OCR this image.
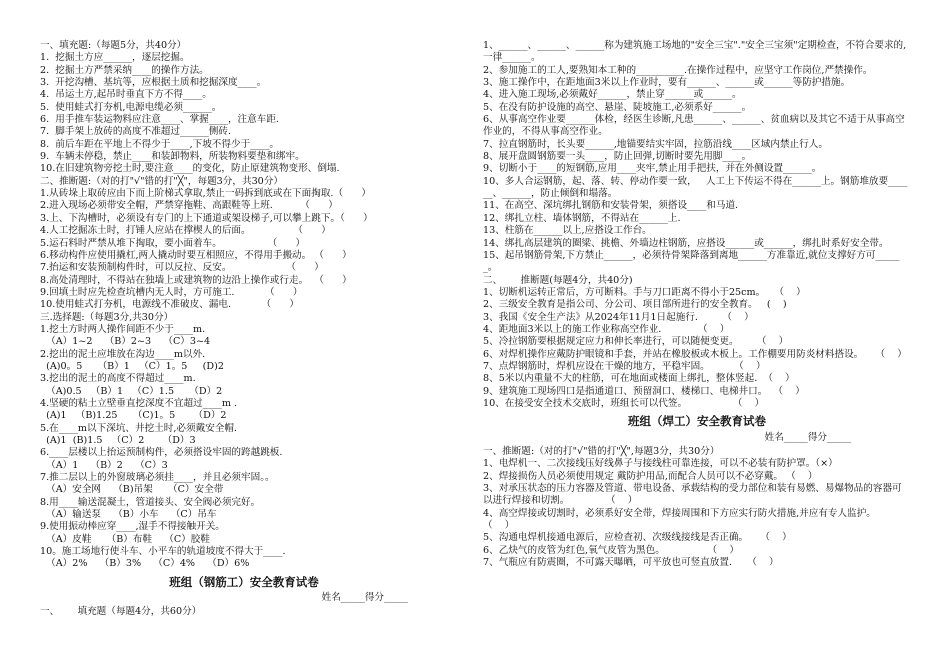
一、填充题:（每题5分，共40分）
1.  挖掘土方应______，逐层挖掘。
2.  挖掘土方严禁采纳____的操作方法。
3.  开挖沟槽、基坑等，应根据土质和挖掘深度____。
4.  吊运土方,起吊时垂直下方不得____。
5.  使用蛙式打夯机,电源电缆必须______。
6.  用手推车装运物料应注意____、掌握____，注意车距.
7.  脚手架上放砖的高度不准超过______侧砖.
8.  前后车距在平地上不得少于____,下坡不得少于____。
9.  车辆未停稳，禁止____和装卸物料，所装物料要垫和绑牢。
10.在旧建筑物旁挖土时,要注意____的变化，防止原建筑物变形、倒塌.
二、推断题:（对的打"√"错的打"╳"，每题3分，共30分）
1.从砖垛上取砖应由下而上阶梯式拿取,禁止一码拆到底或在下面掏取.（      ）
2.进入现场必须带安全帽，严禁穿拖鞋、高跟鞋等上班.         （      ）
3.上、下沟槽时，必须设有专门的上下通道或架设梯子,可以攀上跳下。（      ）
4.人工挖掘冻土时，打锤人应站在撑楔人的后面。              （      ）
5.运石料时严禁从堆下掏取，要小面着车。               （      ）
6.移动构件应使用撬杠,两人撬动时要互相照应，不得用手搬动。 （      ）
7.抬运和安装预制构件时，可以反拉、反安。                  （      ）
8.高处清理时，不得站在独墙上或建筑物的边沿上操作或行走。  （      ）
9.回填土时应先检查坑槽内无人时，方可施工.          （      ）
10.使用蛙式打夯机，电源线不准破皮、漏电.          （      ）
三.选择题:（每题3分,共30分）
1.挖土方时两人操作间距不少于____m.
（A）1~2    （B）2~3    （C）3~4
2.挖出的泥土应堆放在沟边____m以外.
(A)0。5     （B）1   （C）1。5     (D)2
3.挖出的泥土的高度不得超过____m.
（A)0.5   （B）1   （C）1.5     （D）2
4.坚硬的粘土立壁垂直挖深度不宜超过____m .
(A)1   （B)1.25     （C)1。5      （D）2
5.在____m以下深坑、井挖土时,必须戴安全帽.
(A)1  (B)1.5   （C）2      （D）3
6.____层楼以上抬运预制构件，必须搭设牢固的跨越跳板.
（A）1    （B）2    （C）3
7.推二层以上的外窗玻璃必须挂____，并且必须牢固。。
（A）安全网    （B)吊架     （C）安全带
8.用____输送混凝土，管道接头、安全阀必须完好。
（A）输送泵    （B）小车    （C）吊车
9.使用振动棒应穿____,湿手不得接触开关。
（A）皮鞋     （B）布鞋    （C）胶鞋
10。施工场地行使斗车、小平车的轨道坡度不得大于____.
（A）2%    （B）3%    （C）4%    （D）6%
班组（钢筋工）安全教育试卷
姓名_____得分_____
一、      填充题（每题4分，共60分）
1、______、______、______称为建筑施工场地的"安全三宝"."安全三宝须"定期检查，不符合要求的,一律______。
2、参加施工的工人,要熟知本工种的__________.在操作过程中，应坚守工作岗位,严禁操作。
3、施工操作中，在距地面3米以上作业时，要有______、______或______等防护措施。
4、进入施工现场,必须戴好______，禁止穿______或______。
5、在没有防护设施的高空、悬崖、陡坡施工,必须系好______。
6、从事高空作业要______体检，经医生诊断,凡患______、______、贫血病以及其它不适于从事高空作业的，不得从事高空作业。
7、拉直钢筋时，长头要______,地锚要结实牢固，拉筋沿线____区域内禁止行人。
8、展开盘圆钢筋要一头____，防止回弹,切断时要先用脚____。
9、切断小于____的短钢筋,应用____夹牢,禁止用手把扶，并在外侧设置______。
10、多人合运钢筋，起、落、转、停动作要一致，   人工上下传运不得在______上。钢筋堆放要______、______，防止倾倒和塌落。
11、在高空、深坑绑扎钢筋和安装骨架，须搭设____和马道.
12、绑扎立柱、墙体钢筋，不得站在______上.
13、柱筋在______以上,应搭设工作台。
14、绑扎高层建筑的圈梁、挑檐、外墙边柱钢筋，应搭设______或______，绑扎时系好安全带。
15、起吊钢筋骨架,下方禁止______，必须待骨架降落到离地______方准靠近,就位支撑好方可______。
二、      推断题(每题4分，共40分)
1、切断机运转正常后，方可断料。手与刀口距离不得小于25cm。   （    ）
2、三级安全教育是指公司、分公司、项目部所进行的安全教育。   (    )
3、我国《安全生产法》从2024年11月1日起施行.        （    ）
4、距地面3米以上的施工作业称高空作业.            （    ）
5、冷拉钢筋要根据规定应力和伸长率进行，可以随便变更。      （    ）
6、对焊机操作应戴防护眼镜和手套，并站在橡胶板或木板上。工作棚要用防炎材料搭设。    （    ）
7、点焊钢筋时，焊机应设在干燥的地方，平稳牢固。        （    ）
8、5米以内重量不大的柱筋，可在地面或楼面上绑扎，整体竖起.  （    ）
9、建筑施工现场四口是指通道口、预留洞口、楼梯口、电梯井口。  （    ）
10、在接受安全技术交底时，班组长可以代签。               （    ）
班组（焊工）安全教育试卷
姓名_____得分_____
一、推断题:（对的打"√"错的打"╳",每题3分，共30分）
1、电焊机一、二次接线压好线鼻子与接线柱可靠连接，可以不必装有防护罩。（×）
2、焊接损伤人员必须使用规定 戴防护用品,而配合人员可以不必穿戴。 （    ）
3、对承压状态的压力容器及管道、带电设备、承载结构的受力部位和装有易燃、易爆物品的容器可以进行焊接和切割。            （    ）
4、高空焊接或切割时，必须系好安全带，焊接周围和下方应实行防火措施,并应有专人监护。          （    ）
5、沟通电焊机接通电源后，应检查初、次级线接线是否正确。    （    ）
6、乙炔气的皮管为红色,氧气皮管为黑色。              （    ）
7、气瓶应有防震圈，不可露天曝晒，可平放也可竖直放置.     （    ）
